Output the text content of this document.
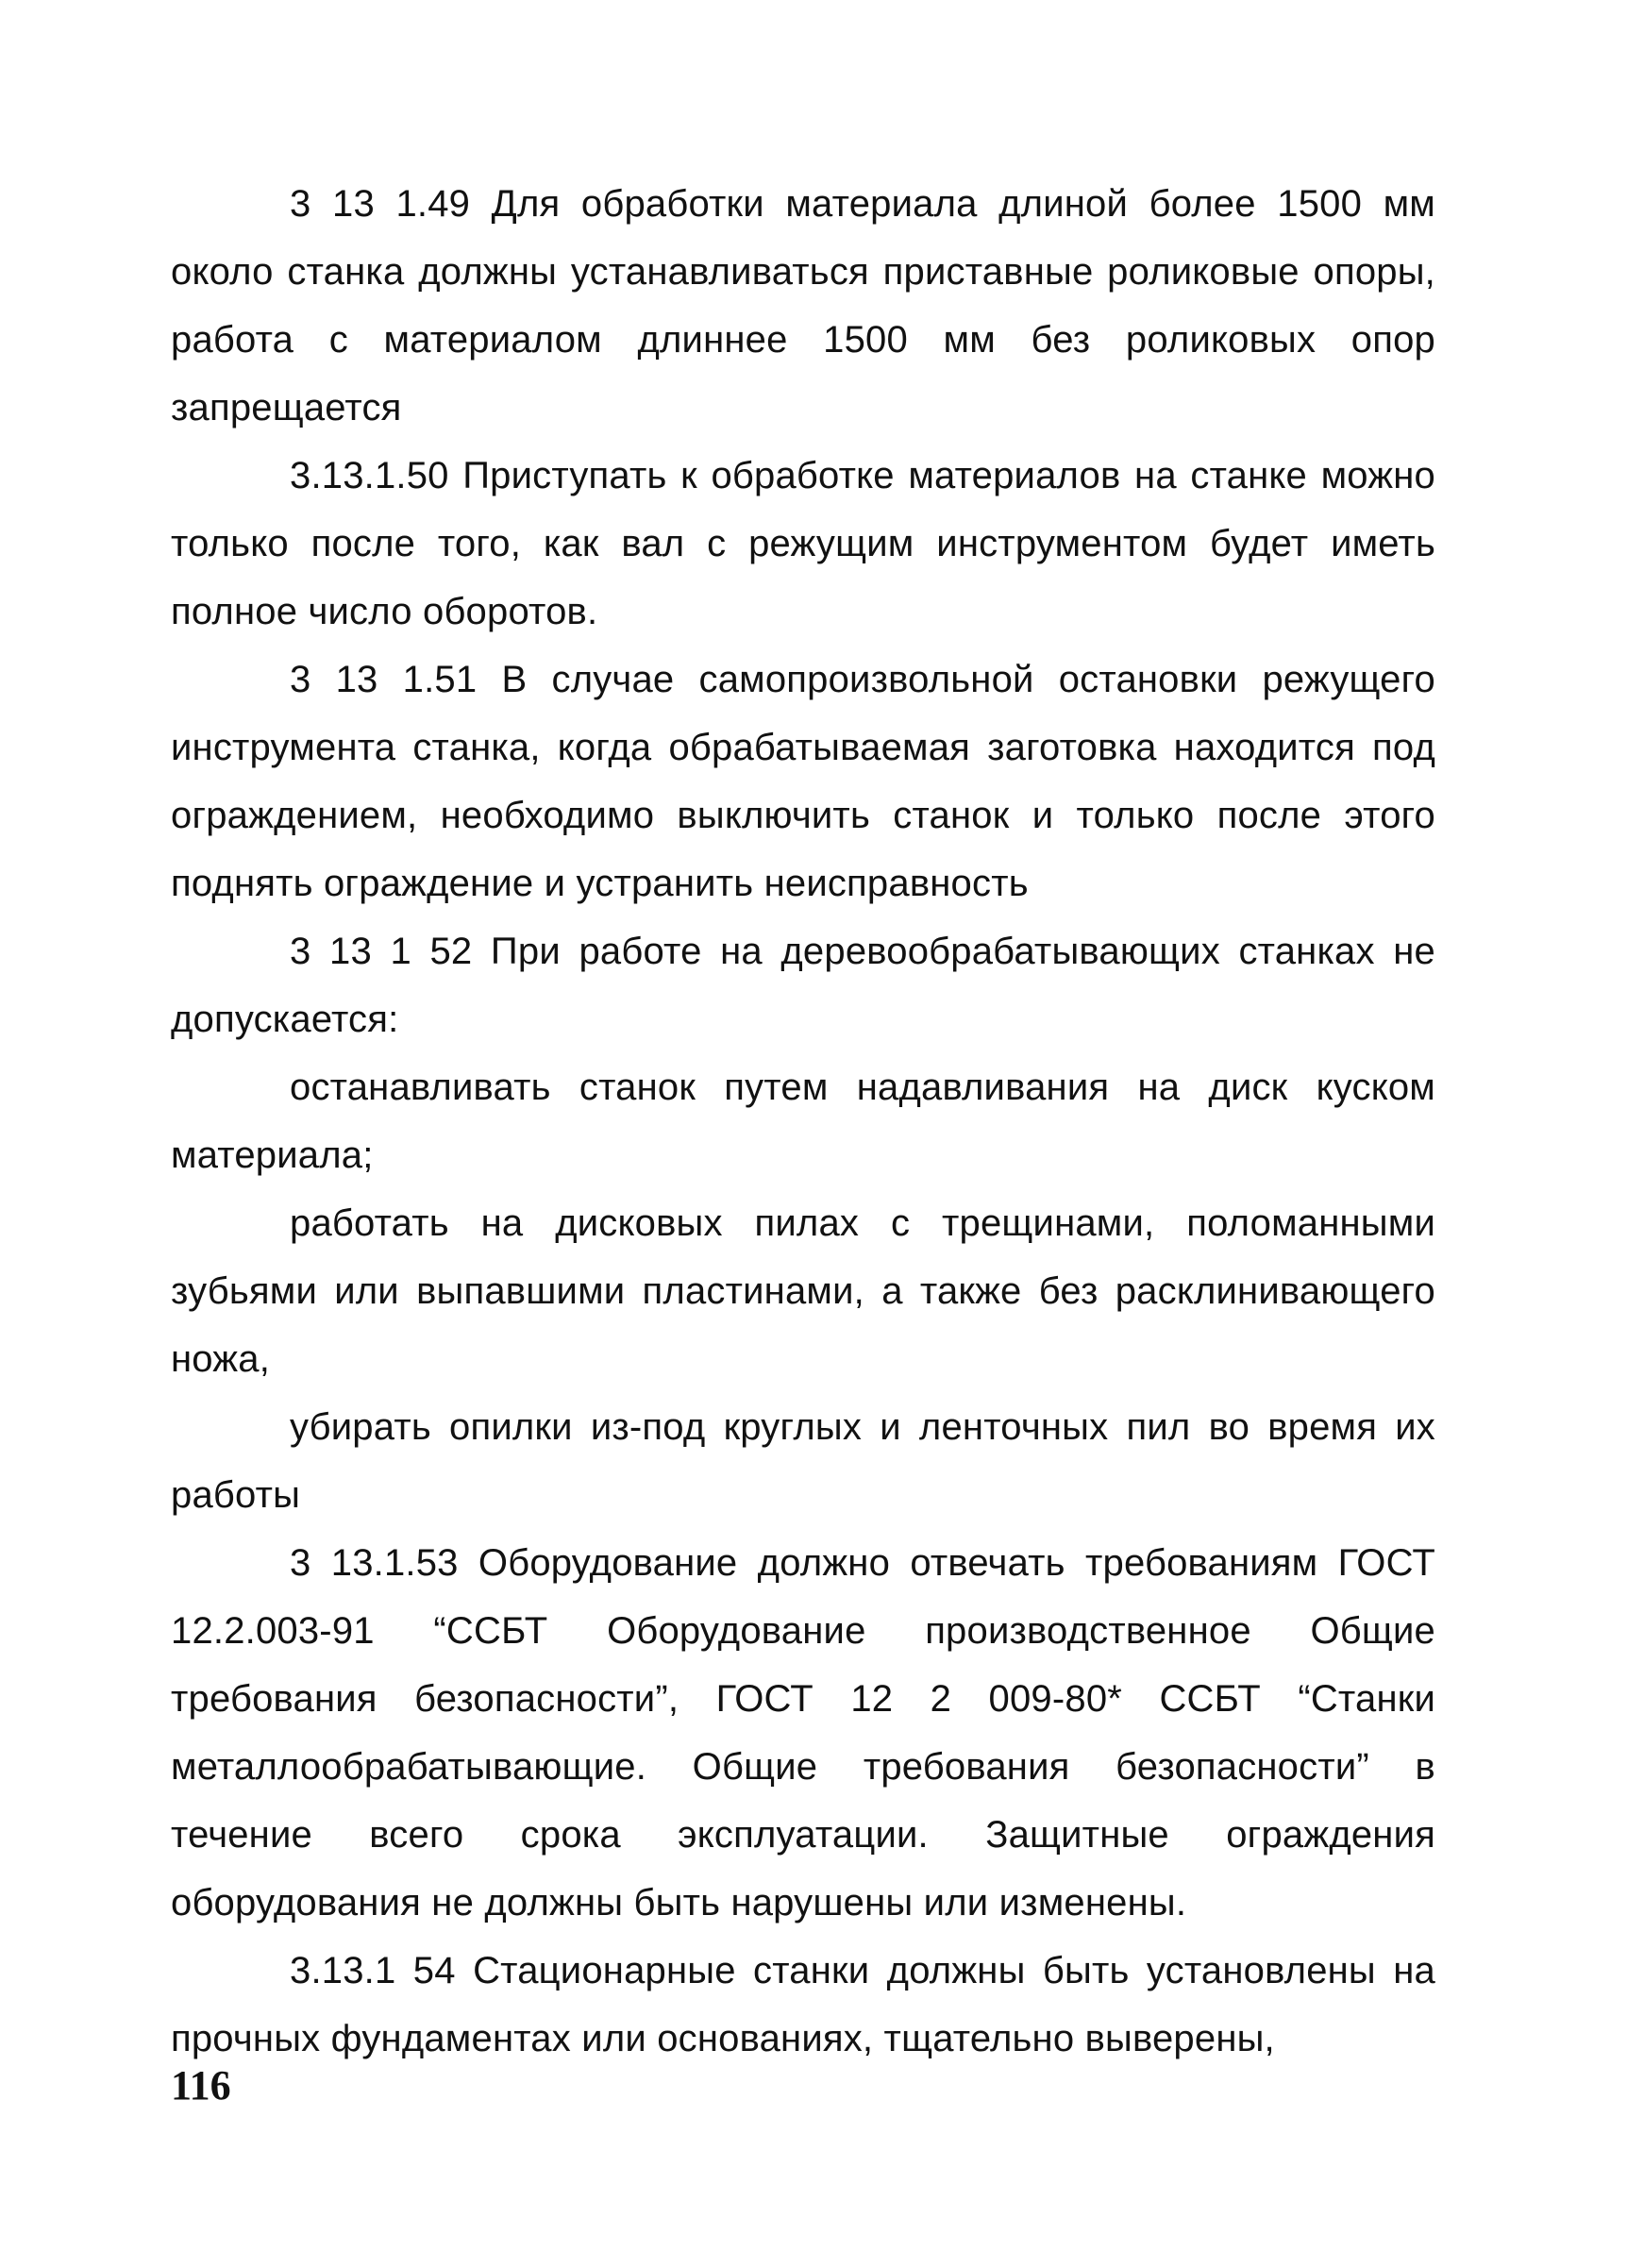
3 13 1.49 Для обработки материала длиной более 1500 мм около станка должны устанавливаться приставные роликовые опоры, работа с материалом длиннее 1500 мм без роликовых опор запрещается

3.13.1.50 Приступать к обработке материалов на станке можно только после того, как вал с режущим инструментом будет иметь полное число оборотов.

3 13 1.51 В случае самопроизвольной остановки режущего инструмента станка, когда обрабатываемая заготовка находится под ограждением, необходимо выключить станок и только после этого поднять ограждение и устранить неисправность

3 13 1 52 При работе на деревообрабатывающих станках не допускается:

останавливать станок путем надавливания на диск куском материала;

работать на дисковых пилах с трещинами, поломанными зубьями или выпавшими пластинами, а также без расклинивающего ножа,

убирать опилки из-под круглых и ленточных пил во время их работы

3 13.1.53 Оборудование должно отвечать требованиям ГОСТ 12.2.003-91 “ССБТ Оборудование производственное Общие требования безопасности”, ГОСТ 12 2 009-80* ССБТ “Станки металлообрабатывающие. Общие требования безопасности” в течение всего срока эксплуатации. Защитные ограждения оборудования не должны быть нарушены или изменены.

3.13.1 54 Стационарные станки должны быть установлены на прочных фундаментах или основаниях, тщательно выверены,

116
